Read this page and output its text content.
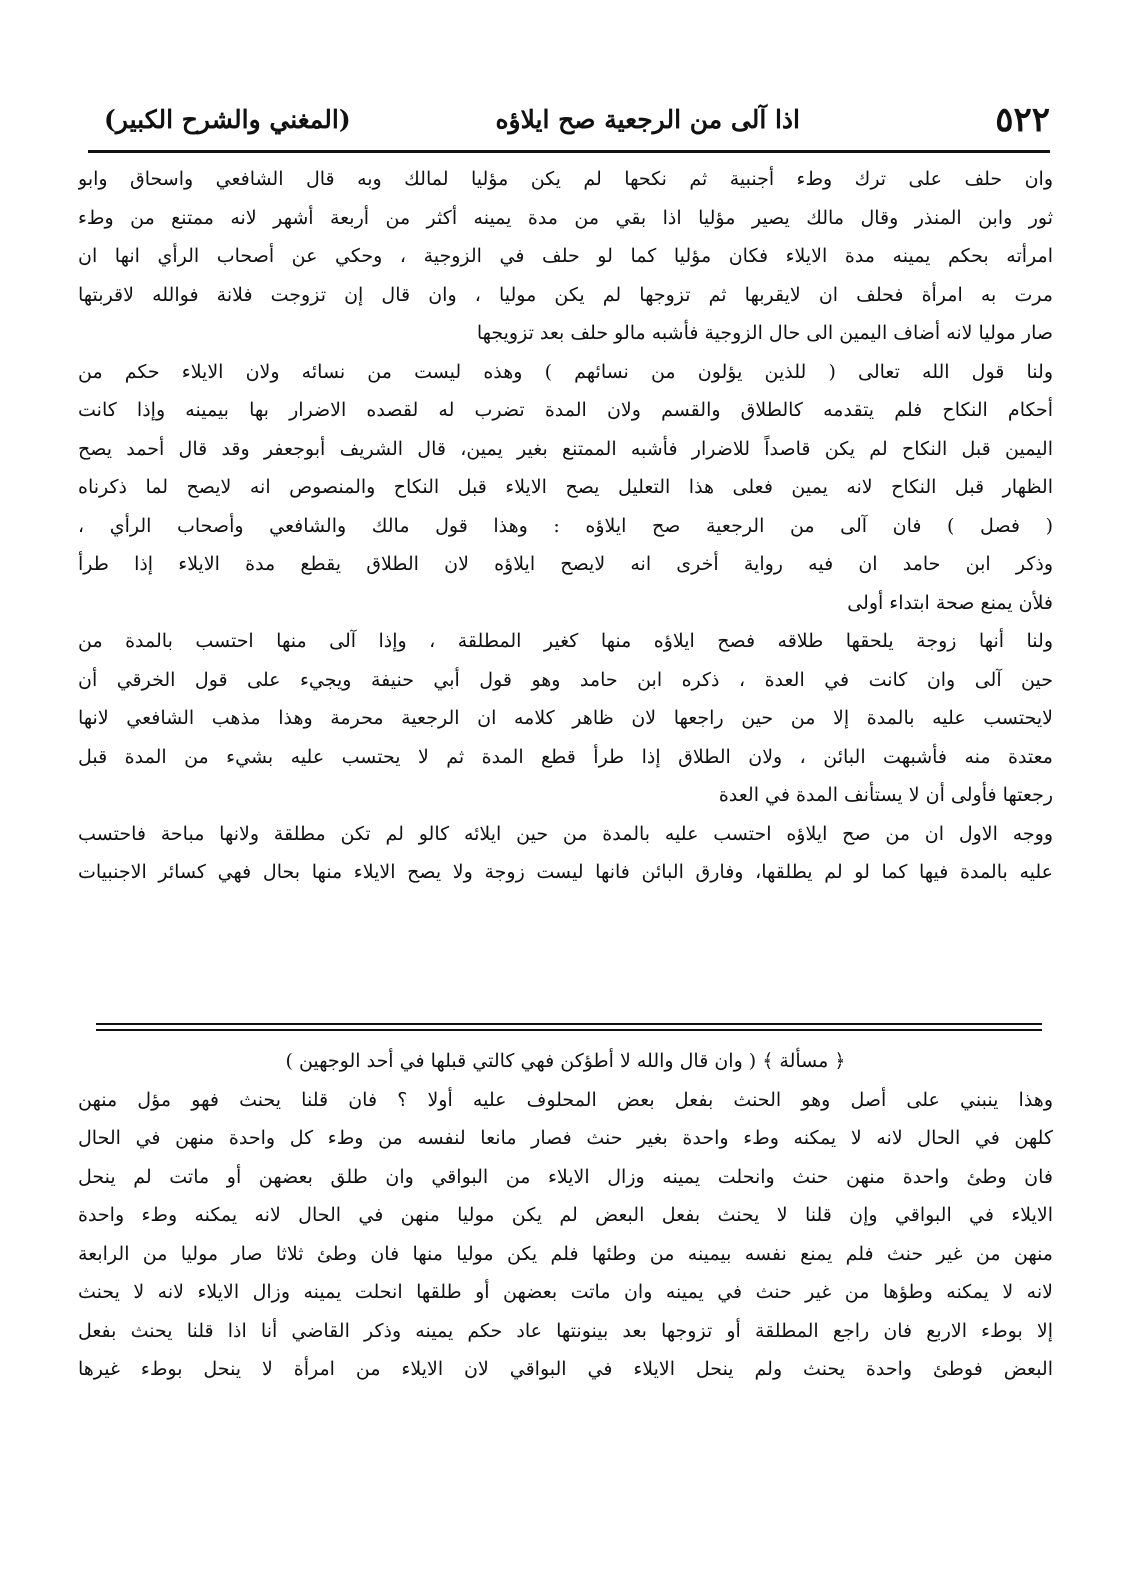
٥٢٢
اذا آلى من الرجعية صح ايلاؤه
(المغني والشرح الكبير)
وان حلف على ترك وطء أجنبية ثم نكحها لم يكن مؤليا لمالك وبه قال الشافعي واسحاق وابو
ثور وابن المنذر وقال مالك يصير مؤليا اذا بقي من مدة يمينه أكثر من أربعة أشهر لانه ممتنع من وطء
امرأته بحكم يمينه مدة الايلاء فكان مؤليا كما لو حلف في الزوجية ، وحكي عن أصحاب الرأي انها ان
مرت به امرأة فحلف ان لايقربها ثم تزوجها لم يكن موليا ، وان قال إن تزوجت فلانة فوالله لاقربتها
صار موليا لانه أضاف اليمين الى حال الزوجية فأشبه مالو حلف بعد تزويجها
ولنا قول الله تعالى ( للذين يؤلون من نسائهم ) وهذه ليست من نسائه ولان الايلاء حكم من
أحكام النكاح فلم يتقدمه كالطلاق والقسم ولان المدة تضرب له لقصده الاضرار بها بيمينه وإذا كانت
اليمين قبل النكاح لم يكن قاصداً للاضرار فأشبه الممتنع بغير يمين، قال الشريف أبوجعفر وقد قال أحمد يصح
الظهار قبل النكاح لانه يمين فعلى هذا التعليل يصح الايلاء قبل النكاح والمنصوص انه لايصح لما ذكرناه
( فصل ) فان آلى من الرجعية صح ايلاؤه : وهذا قول مالك والشافعي وأصحاب الرأي ،
وذكر ابن حامد ان فيه رواية أخرى انه لايصح ايلاؤه لان الطلاق يقطع مدة الايلاء إذا طرأ
فلأن يمنع صحة ابتداء أولى
ولنا أنها زوجة يلحقها طلاقه فصح ايلاؤه منها كغير المطلقة ، وإذا آلى منها احتسب بالمدة من
حين آلى وان كانت في العدة ، ذكره ابن حامد وهو قول أبي حنيفة ويجيء على قول الخرقي أن
لايحتسب عليه بالمدة إلا من حين راجعها لان ظاهر كلامه ان الرجعية محرمة وهذا مذهب الشافعي لانها
معتدة منه فأشبهت البائن ، ولان الطلاق إذا طرأ قطع المدة ثم لا يحتسب عليه بشيء من المدة قبل
رجعتها فأولى أن لا يستأنف المدة في العدة
ووجه الاول ان من صح ايلاؤه احتسب عليه بالمدة من حين ايلائه كالو لم تكن مطلقة ولانها مباحة فاحتسب
عليه بالمدة فيها كما لو لم يطلقها، وفارق البائن فانها ليست زوجة ولا يصح الايلاء منها بحال فهي كسائر الاجنبيات
﴿ مسألة ﴾ ( وان قال والله لا أطؤكن فهي كالتي قبلها في أحد الوجهين )
وهذا ينبني على أصل وهو الحنث بفعل بعض المحلوف عليه أولا ؟ فان قلنا يحنث فهو مؤل منهن
كلهن في الحال لانه لا يمكنه وطء واحدة بغير حنث فصار مانعا لنفسه من وطء كل واحدة منهن في الحال
فان وطئ واحدة منهن حنث وانحلت يمينه وزال الايلاء من البواقي وان طلق بعضهن أو ماتت لم ينحل
الايلاء في البواقي وإن قلنا لا يحنث بفعل البعض لم يكن موليا منهن في الحال لانه يمكنه وطء واحدة
منهن من غير حنث فلم يمنع نفسه بيمينه من وطئها فلم يكن موليا منها فان وطئ ثلاثا صار موليا من الرابعة
لانه لا يمكنه وطؤها من غير حنث في يمينه وان ماتت بعضهن أو طلقها انحلت يمينه وزال الايلاء لانه لا يحنث
إلا بوطء الاربع فان راجع المطلقة أو تزوجها بعد بينونتها عاد حكم يمينه وذكر القاضي أنا اذا قلنا يحنث بفعل
البعض فوطئ واحدة يحنث ولم ينحل الايلاء في البواقي لان الايلاء من امرأة لا ينحل بوطء غيرها
